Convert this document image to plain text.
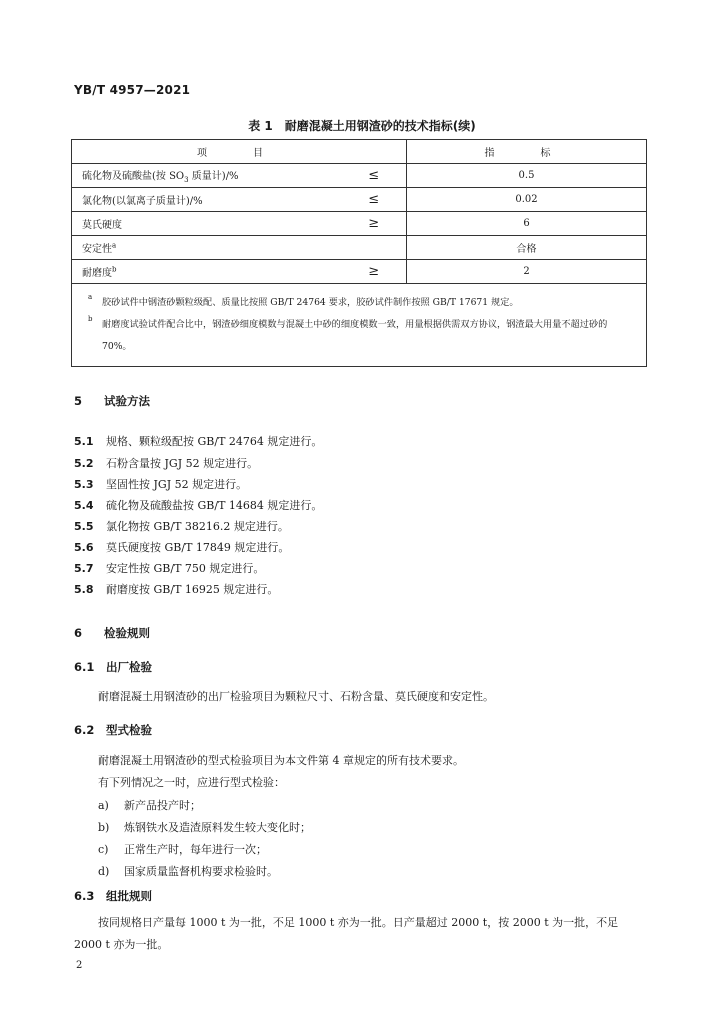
YB/T 4957—2021
表 1　耐磨混凝土用钢渣砂的技术指标(续)
项　目		指　标
硫化物及硫酸盐(按 $SO_3$ 质量计)/%	≤	0.5
氯化物(以氯离子质量计)/%	≤	0.02
莫氏硬度	≥	6
安定性$^a$		合格
耐磨度$^b$	≥	2

a 胶砂试件中钢渣砂颗粒级配、质量比按照 GB/T 24764 要求，胶砂试件制作按照 GB/T 17671 规定。
b 耐磨度试验试件配合比中，钢渣砂细度模数与混凝土中砂的细度模数一致，用量根据供需双方协议，钢渣最大用量不超过砂的 70%。		
5 试验方法
5.1 规格、颗粒级配按 GB/T 24764 规定进行。
5.2 石粉含量按 JGJ 52 规定进行。
5.3 坚固性按 JGJ 52 规定进行。
5.4 硫化物及硫酸盐按 GB/T 14684 规定进行。
5.5 氯化物按 GB/T 38216.2 规定进行。
5.6 莫氏硬度按 GB/T 17849 规定进行。
5.7 安定性按 GB/T 750 规定进行。
5.8 耐磨度按 GB/T 16925 规定进行。
6 检验规则
6.1 出厂检验
耐磨混凝土用钢渣砂的出厂检验项目为颗粒尺寸、石粉含量、莫氏硬度和安定性。
6.2 型式检验
耐磨混凝土用钢渣砂的型式检验项目为本文件第 4 章规定的所有技术要求。
有下列情况之一时，应进行型式检验：
a) 新产品投产时；
b) 炼钢铁水及造渣原料发生较大变化时；
c) 正常生产时，每年进行一次；
d) 国家质量监督机构要求检验时。
6.3 组批规则
按同规格日产量每 1000 t 为一批，不足 1000 t 亦为一批。日产量超过 2000 t，按 2000 t 为一批，不足 2000 t 亦为一批。
2
